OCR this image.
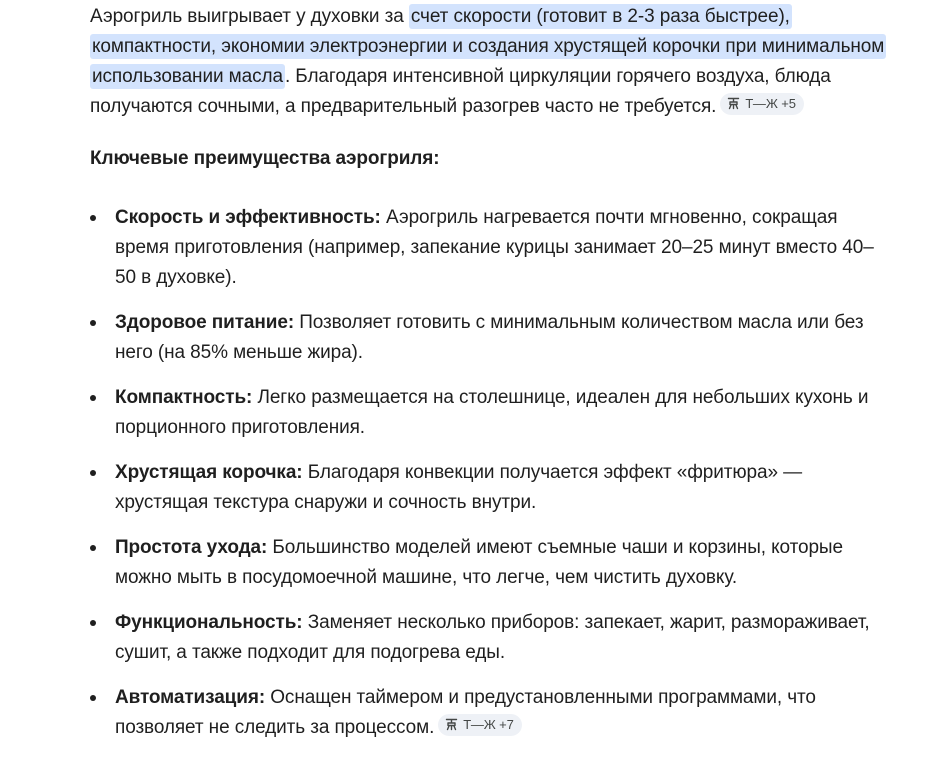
Аэрогриль выигрывает у духовки за счет скорости (готовит в 2-3 раза быстрее), компактности, экономии электроэнергии и создания хрустящей корочки при минимальном использовании масла . Благодаря интенсивной циркуляции горячего воздуха, блюда получаются сочными, а предварительный разогрев часто не требуется. Т—Ж +5

Ключевые преимущества аэрогриля:

Скорость и эффективность: Аэрогриль нагревается почти мгновенно, сокращая время приготовления (например, запекание курицы занимает 20–25 минут вместо 40–50 в духовке).
Здоровое питание: Позволяет готовить с минимальным количеством масла или без него (на 85% меньше жира).
Компактность: Легко размещается на столешнице, идеален для небольших кухонь и порционного приготовления.
Хрустящая корочка: Благодаря конвекции получается эффект «фритюра» — хрустящая текстура снаружи и сочность внутри.
Простота ухода: Большинство моделей имеют съемные чаши и корзины, которые можно мыть в посудомоечной машине, что легче, чем чистить духовку.
Функциональность: Заменяет несколько приборов: запекает, жарит, размораживает, сушит, а также подходит для подогрева еды.
Автоматизация: Оснащен таймером и предустановленными программами, что позволяет не следить за процессом. Т—Ж +7
